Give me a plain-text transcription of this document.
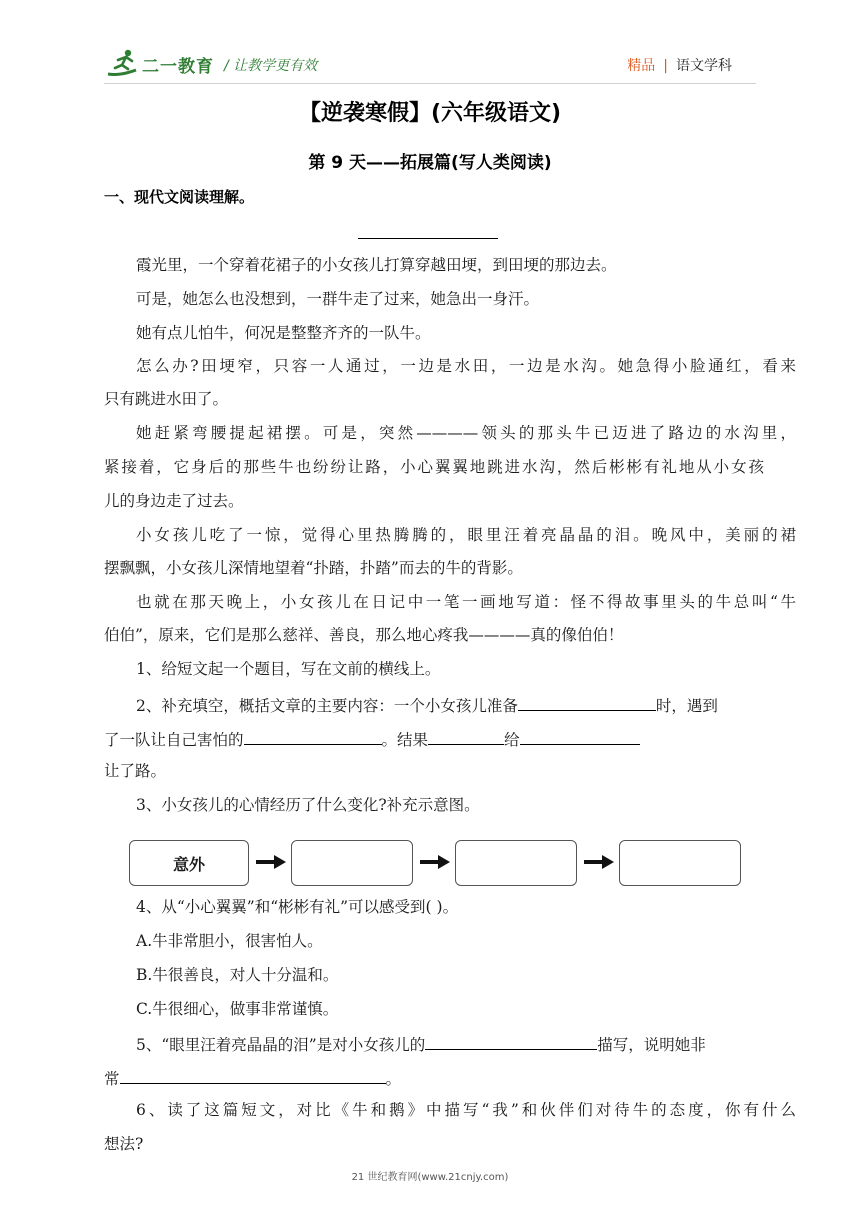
二一教育 / 让教学更有效	精品 | 语文学科
【逆袭寒假】(六年级语文)
第 9 天——拓展篇(写人类阅读)
一、现代文阅读理解。
霞光里，一个穿着花裙子的小女孩儿打算穿越田埂，到田埂的那边去。
可是，她怎么也没想到，一群牛走了过来，她急出一身汗。
她有点儿怕牛，何况是整整齐齐的一队牛。
怎么办?田埂窄，只容一人通过，一边是水田，一边是水沟。她急得小脸通红，看来
只有跳进水田了。
她赶紧弯腰提起裙摆。可是，突然————领头的那头牛已迈进了路边的水沟里，
紧接着，它身后的那些牛也纷纷让路，小心翼翼地跳进水沟，然后彬彬有礼地从小女孩
儿的身边走了过去。
小女孩儿吃了一惊，觉得心里热腾腾的，眼里汪着亮晶晶的泪。晚风中，美丽的裙
摆飘飘，小女孩儿深情地望着“扑踏，扑踏”而去的牛的背影。
也就在那天晚上，小女孩儿在日记中一笔一画地写道：怪不得故事里头的牛总叫“牛
伯伯”，原来，它们是那么慈祥、善良，那么地心疼我————真的像伯伯！
1、给短文起一个题目，写在文前的横线上。
2、补充填空，概括文章的主要内容：一个小女孩儿准备	时，遇到
了一队让自己害怕的	。结果	给
让了路。
3、小女孩儿的心情经历了什么变化?补充示意图。
意外
4、从“小心翼翼”和“彬彬有礼”可以感受到( )。
A.牛非常胆小，很害怕人。
B.牛很善良，对人十分温和。
C.牛很细心，做事非常谨慎。
5、“眼里汪着亮晶晶的泪”是对小女孩儿的	描写，说明她非
常	。
6、读了这篇短文，对比《牛和鹅》中描写“我”和伙伴们对待牛的态度，你有什么
想法?
21 世纪教育网(www.21cnjy.com)
